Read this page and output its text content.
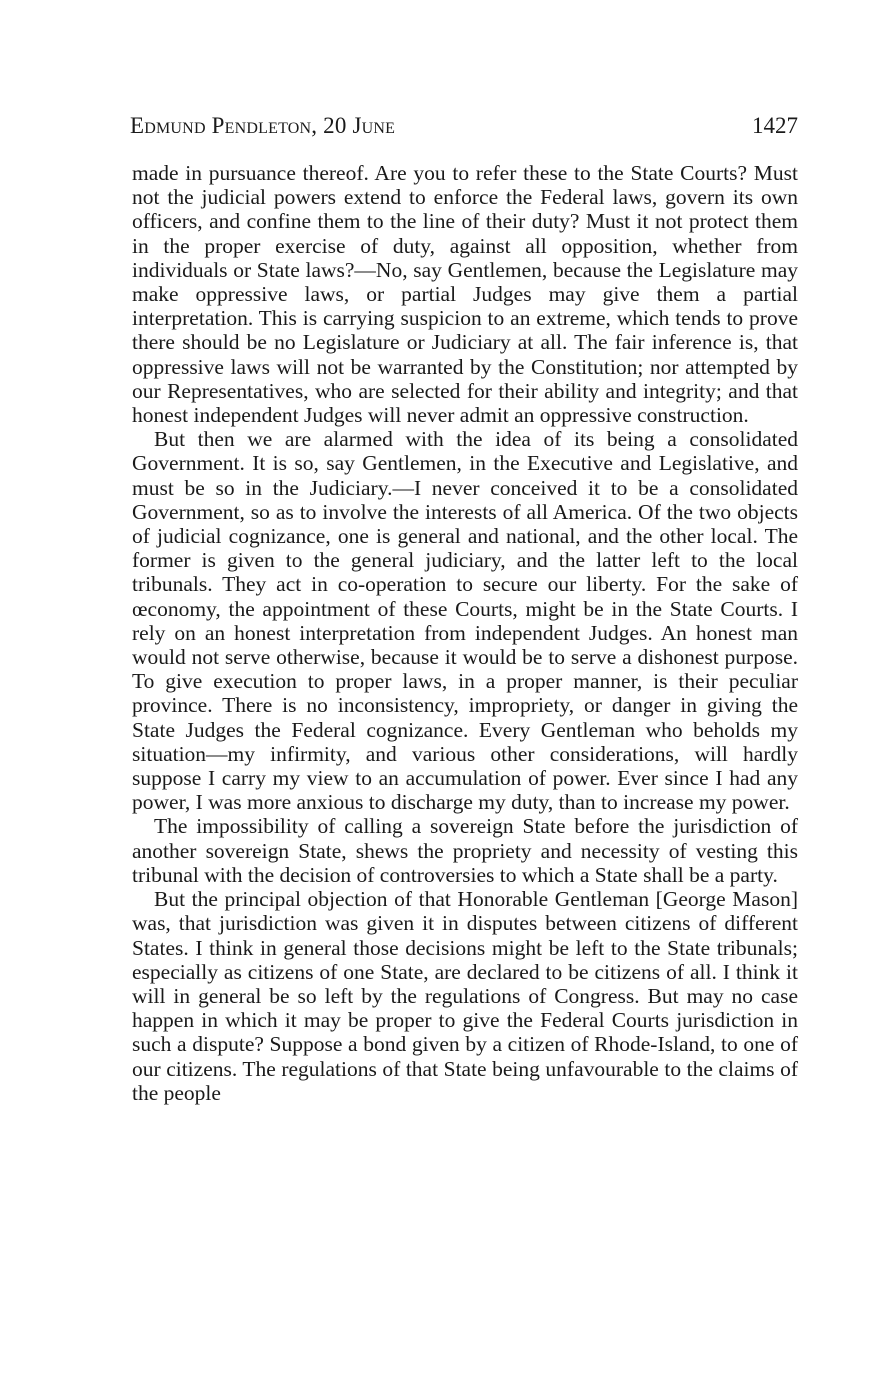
Edmund Pendleton, 20 June	1427

made in pursuance thereof. Are you to refer these to the State Courts? Must not the judicial powers extend to enforce the Federal laws, govern its own officers, and confine them to the line of their duty? Must it not protect them in the proper exercise of duty, against all opposition, whether from individuals or State laws?—No, say Gentlemen, because the Legislature may make oppressive laws, or partial Judges may give them a partial interpretation. This is carrying suspicion to an extreme, which tends to prove there should be no Legislature or Judiciary at all. The fair inference is, that oppressive laws will not be warranted by the Constitution; nor attempted by our Representatives, who are selected for their ability and integrity; and that honest independent Judges will never admit an oppressive construction.

But then we are alarmed with the idea of its being a consolidated Government. It is so, say Gentlemen, in the Executive and Legislative, and must be so in the Judiciary.—I never conceived it to be a consolidated Government, so as to involve the interests of all America. Of the two objects of judicial cognizance, one is general and national, and the other local. The former is given to the general judiciary, and the latter left to the local tribunals. They act in co-operation to secure our liberty. For the sake of œconomy, the appointment of these Courts, might be in the State Courts. I rely on an honest interpretation from independent Judges. An honest man would not serve otherwise, because it would be to serve a dishonest purpose. To give execution to proper laws, in a proper manner, is their peculiar province. There is no inconsistency, impropriety, or danger in giving the State Judges the Federal cognizance. Every Gentleman who beholds my situation—my infirmity, and various other considerations, will hardly suppose I carry my view to an accumulation of power. Ever since I had any power, I was more anxious to discharge my duty, than to increase my power.

The impossibility of calling a sovereign State before the jurisdiction of another sovereign State, shews the propriety and necessity of vesting this tribunal with the decision of controversies to which a State shall be a party.

But the principal objection of that Honorable Gentleman [George Mason] was, that jurisdiction was given it in disputes between citizens of different States. I think in general those decisions might be left to the State tribunals; especially as citizens of one State, are declared to be citizens of all. I think it will in general be so left by the regulations of Congress. But may no case happen in which it may be proper to give the Federal Courts jurisdiction in such a dispute? Suppose a bond given by a citizen of Rhode-Island, to one of our citizens. The regulations of that State being unfavourable to the claims of the people
